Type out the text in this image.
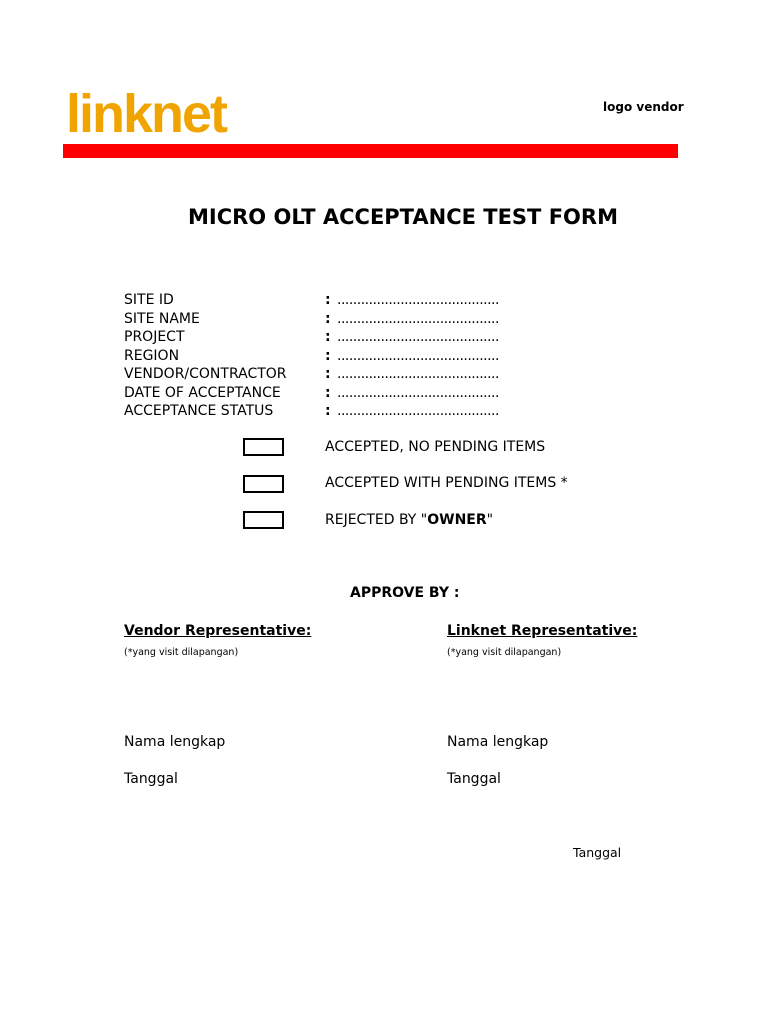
linknet	logo vendor
MICRO OLT ACCEPTANCE TEST FORM
SITE ID	: .........................................
SITE NAME	: .........................................
PROJECT	: .........................................
REGION	: .........................................
VENDOR/CONTRACTOR	: .........................................
DATE OF ACCEPTANCE	: .........................................
ACCEPTANCE STATUS	: .........................................
ACCEPTED, NO PENDING ITEMS
ACCEPTED WITH PENDING ITEMS *
REJECTED BY "OWNER"
APPROVE BY :
Vendor Representative:
(*yang visit dilapangan)
Nama lengkap
Tanggal
Linknet Representative:
(*yang visit dilapangan)
Nama lengkap
Tanggal
Tanggal
